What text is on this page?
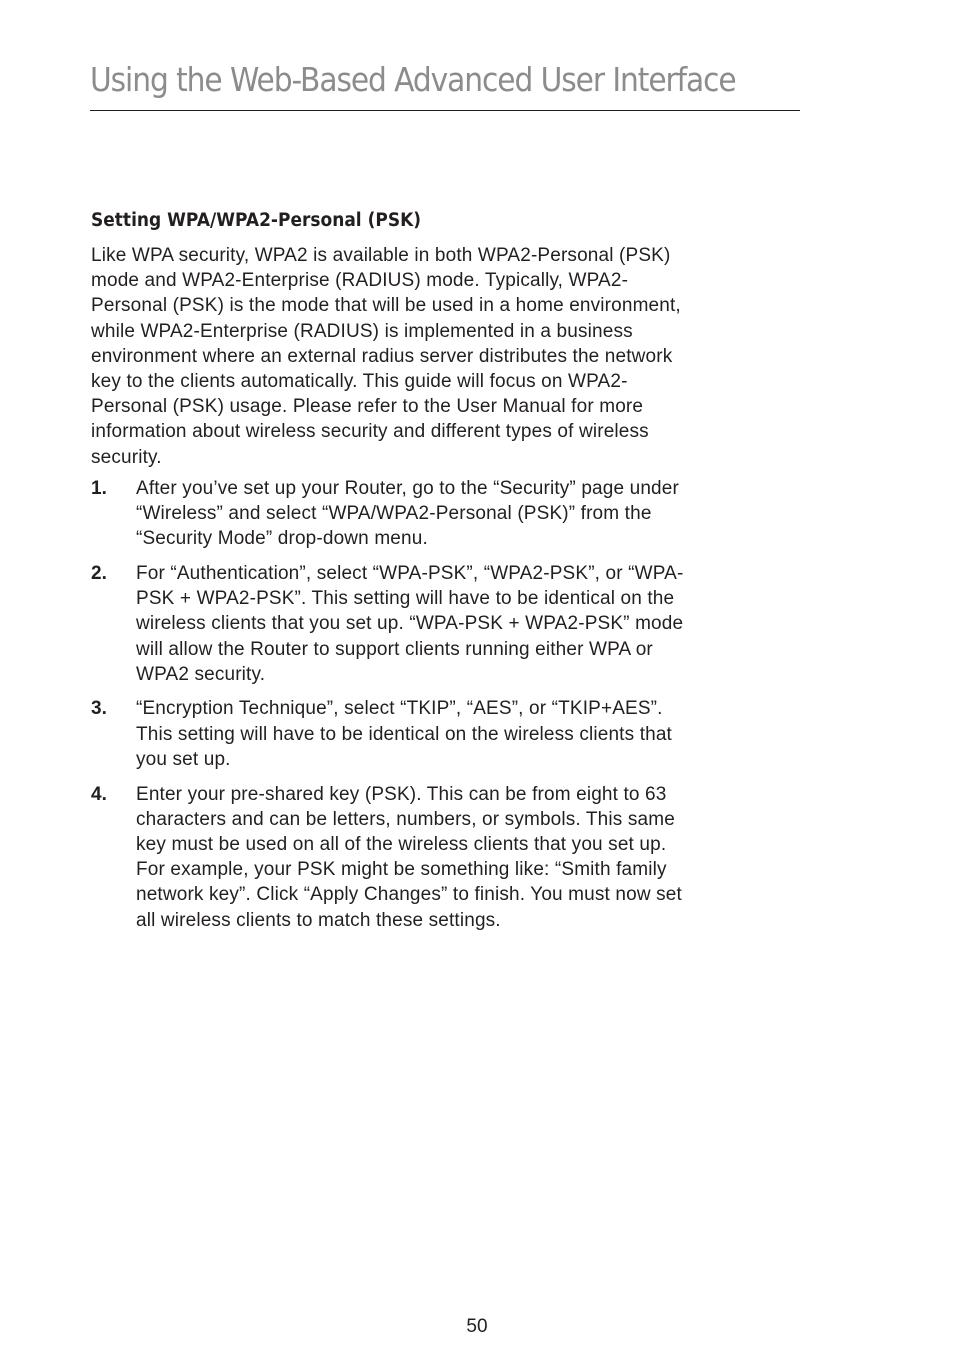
Using the Web-Based Advanced User Interface
Setting WPA/WPA2-Personal (PSK)

Like WPA security, WPA2 is available in both WPA2-Personal (PSK)
mode and WPA2-Enterprise (RADIUS) mode. Typically, WPA2-
Personal (PSK) is the mode that will be used in a home environment,
while WPA2-Enterprise (RADIUS) is implemented in a business
environment where an external radius server distributes the network
key to the clients automatically. This guide will focus on WPA2-
Personal (PSK) usage. Please refer to the User Manual for more
information about wireless security and different types of wireless
security.

1.	After you’ve set up your Router, go to the “Security” page under
“Wireless” and select “WPA/WPA2-Personal (PSK)” from the
“Security Mode” drop-down menu.
2.	For “Authentication”, select “WPA-PSK”, “WPA2-PSK”, or “WPA-
PSK + WPA2-PSK”. This setting will have to be identical on the
wireless clients that you set up. “WPA-PSK + WPA2-PSK” mode
will allow the Router to support clients running either WPA or
WPA2 security.
3.	“Encryption Technique”, select “TKIP”, “AES”, or “TKIP+AES”.
This setting will have to be identical on the wireless clients that
you set up.
4.	Enter your pre-shared key (PSK). This can be from eight to 63
characters and can be letters, numbers, or symbols. This same
key must be used on all of the wireless clients that you set up.
For example, your PSK might be something like: “Smith family
network key”. Click “Apply Changes” to finish. You must now set
all wireless clients to match these settings.
50
